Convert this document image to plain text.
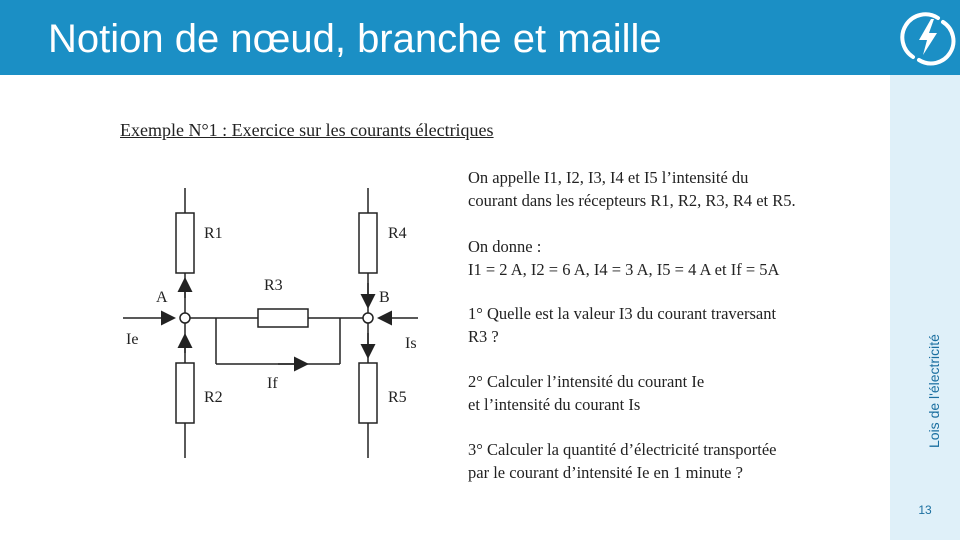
Notion de nœud, branche et maille
Lois de l'électricité
13
Exemple N°1 : Exercice sur les courants électriques
R1
R2
R3
R4
R5
A	B
Ie	Is
If
On appelle I1, I2, I3, I4 et I5 l’intensité du
courant dans les récepteurs R1, R2, R3, R4 et R5.
On donne :
I1 = 2 A, I2 = 6 A, I4 = 3 A, I5 = 4 A et If = 5A
1° Quelle est la valeur I3 du courant traversant
R3 ?
2° Calculer l’intensité du courant Ie
et l’intensité du courant Is
3° Calculer la quantité d’électricité transportée
par le courant d’intensité Ie en 1 minute ?
